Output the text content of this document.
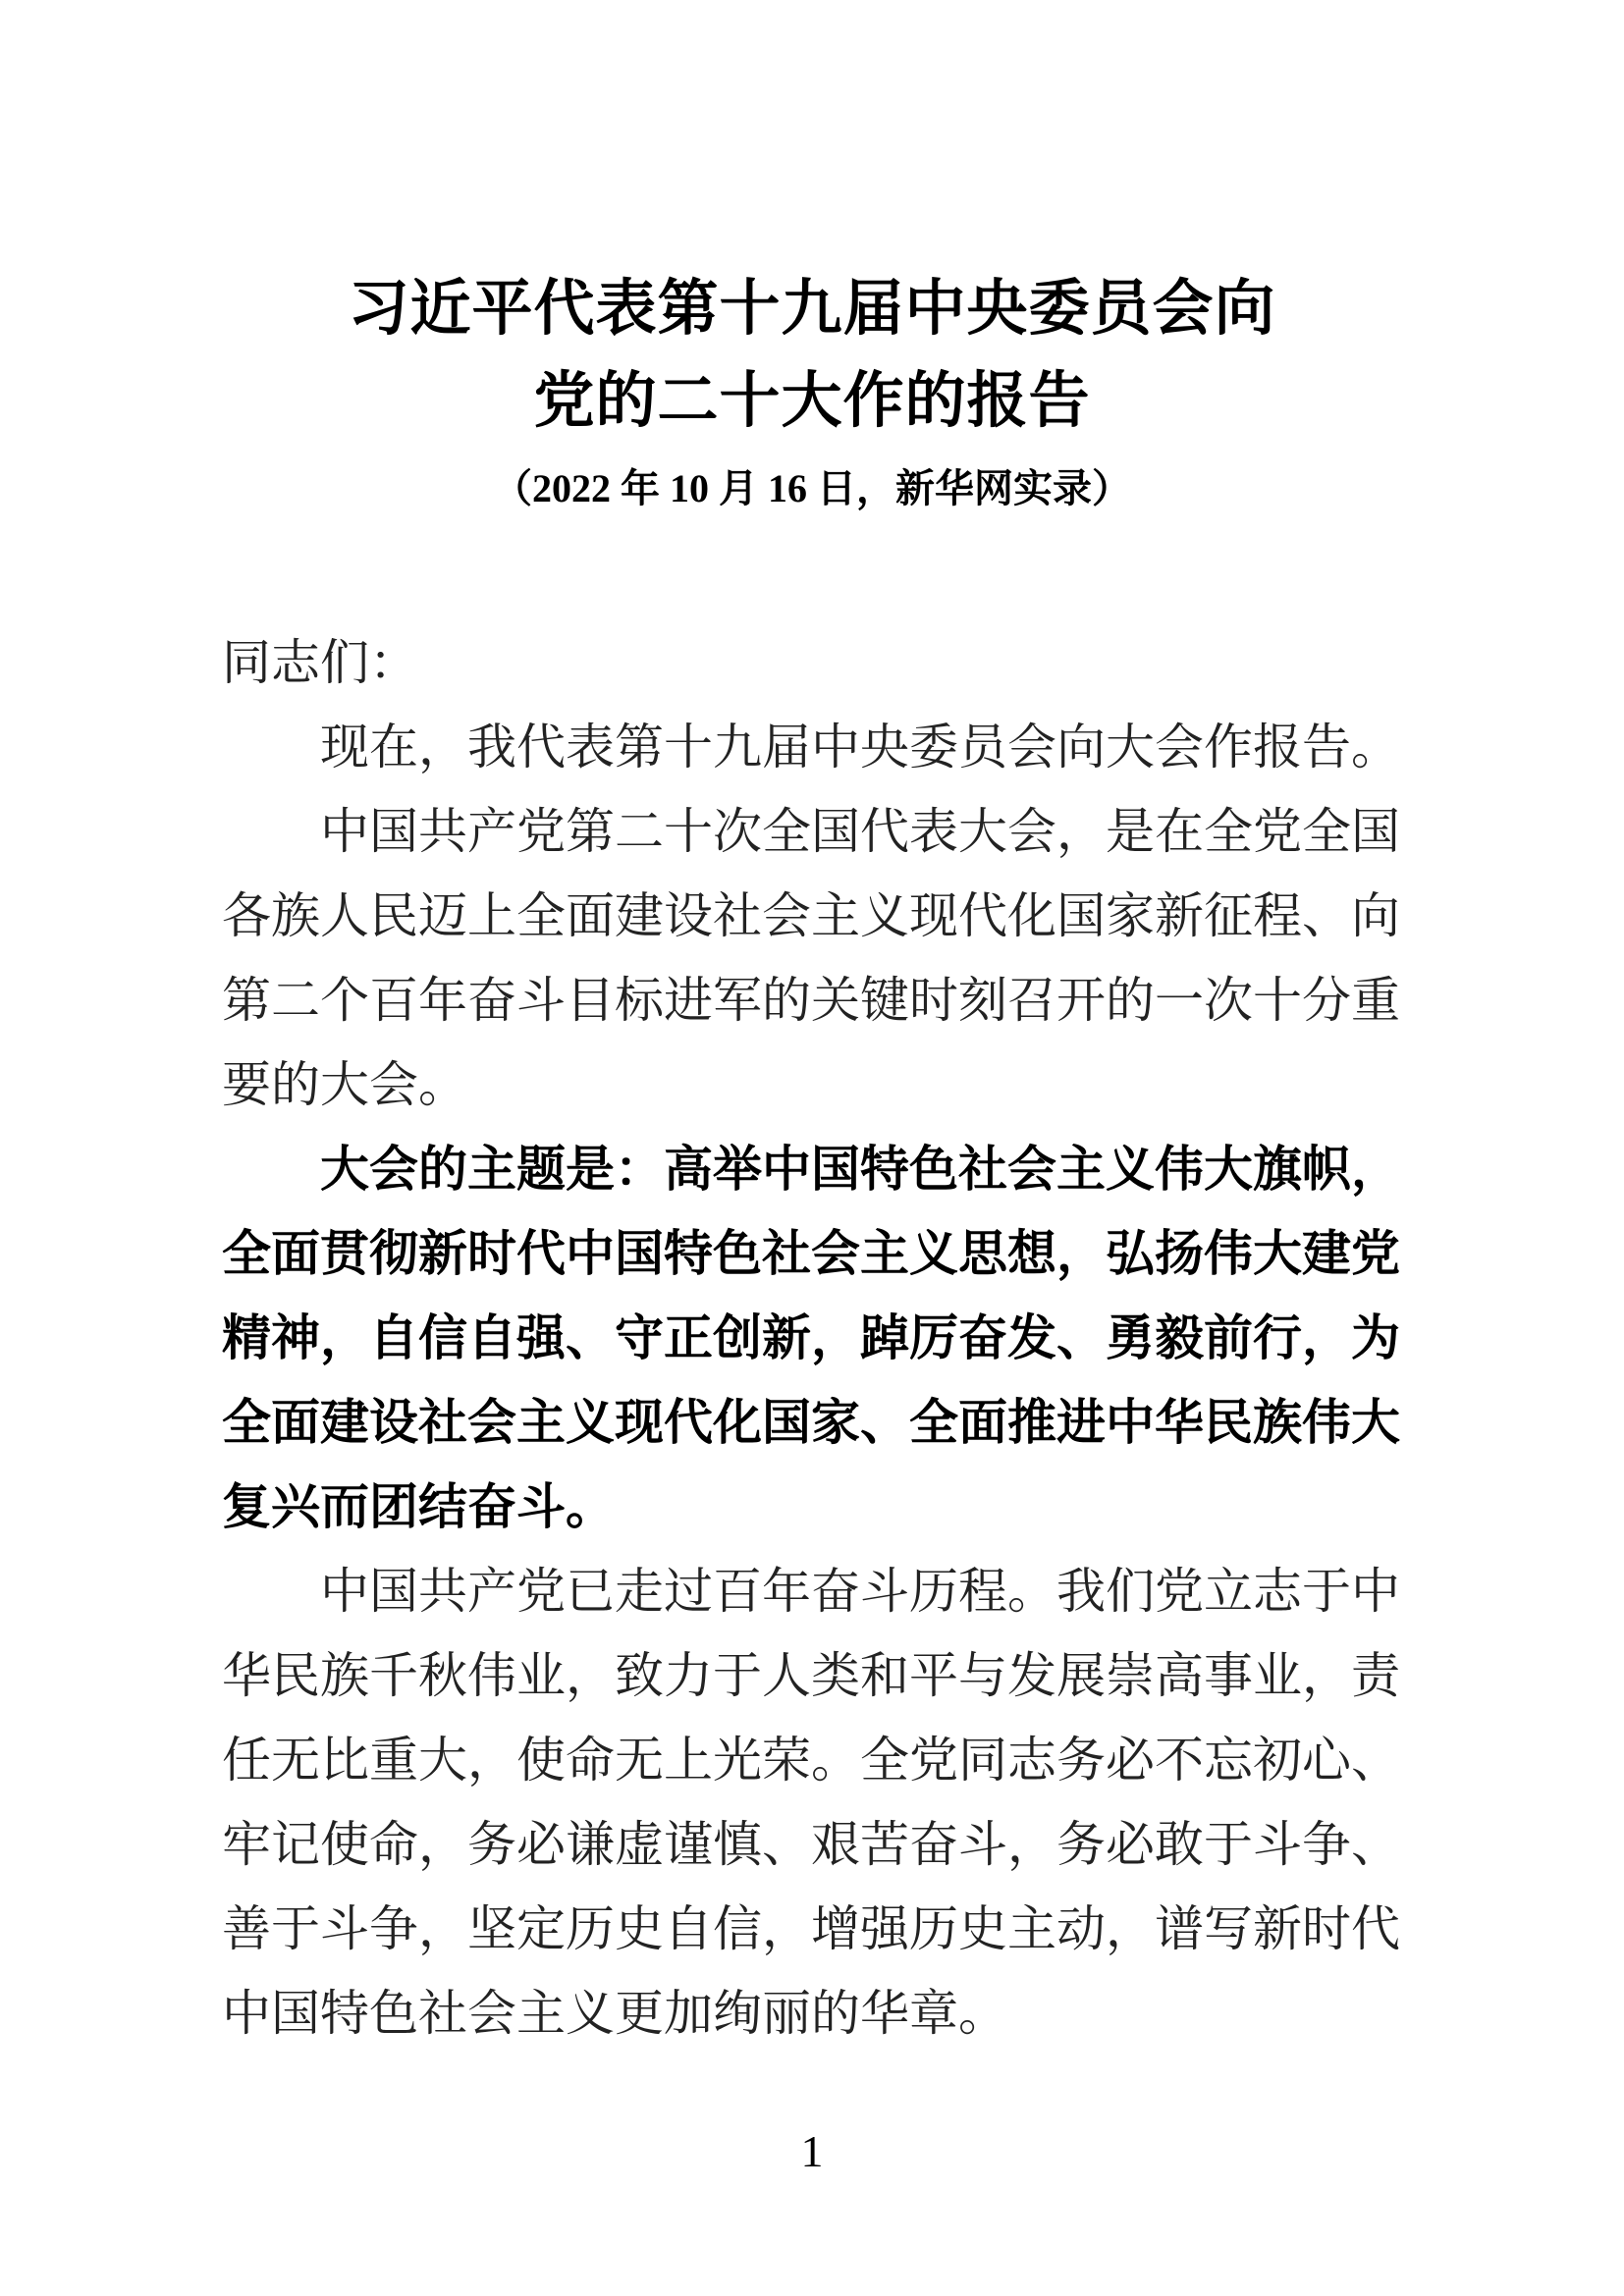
习近平代表第十九届中央委员会向
党的二十大作的报告
（2022 年 10 月 16 日，新华网实录）
同志们：
现在，我代表第十九届中央委员会向大会作报告。
中国共产党第二十次全国代表大会，是在全党全国各族人民迈上全面建设社会主义现代化国家新征程、向第二个百年奋斗目标进军的关键时刻召开的一次十分重要的大会。
大会的主题是：高举中国特色社会主义伟大旗帜，全面贯彻新时代中国特色社会主义思想，弘扬伟大建党精神，自信自强、守正创新，踔厉奋发、勇毅前行，为全面建设社会主义现代化国家、全面推进中华民族伟大复兴而团结奋斗。
中国共产党已走过百年奋斗历程。我们党立志于中华民族千秋伟业，致力于人类和平与发展崇高事业，责任无比重大，使命无上光荣。全党同志务必不忘初心、牢记使命，务必谦虚谨慎、艰苦奋斗，务必敢于斗争、善于斗争，坚定历史自信，增强历史主动，谱写新时代中国特色社会主义更加绚丽的华章。
1
